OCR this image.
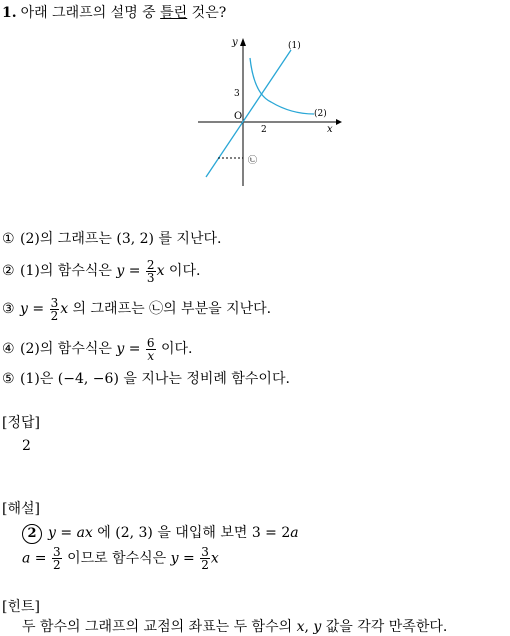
1. 아래 그래프의 설명 중 틀린 것은?
y
x
O
3
2
(1)
(2)
㉡
① (2)의 그래프는 (3, 2) 를 지난다.
② (1)의 함수식은 $y = \frac{2}{3}$ x 이다.
③ $y = \frac{3}{2}$ x 의 그래프는 ㉡의 부분을 지난다.
④ (2)의 함수식은 $y = \frac{6}{x}$ 이다.
⑤ (1)은 (−4, −6) 을 지나는 정비례 함수이다.
[정답]
2
[해설]
2 y = ax 에 (2, 3) 을 대입해 보면 3 = 2a
$a = \frac{3}{2}$ 이므로 함수식은 $y = \frac{3}{2}$ x
[힌트]
두 함수의 그래프의 교점의 좌표는 두 함수의 x, y 값을 각각 만족한다.
